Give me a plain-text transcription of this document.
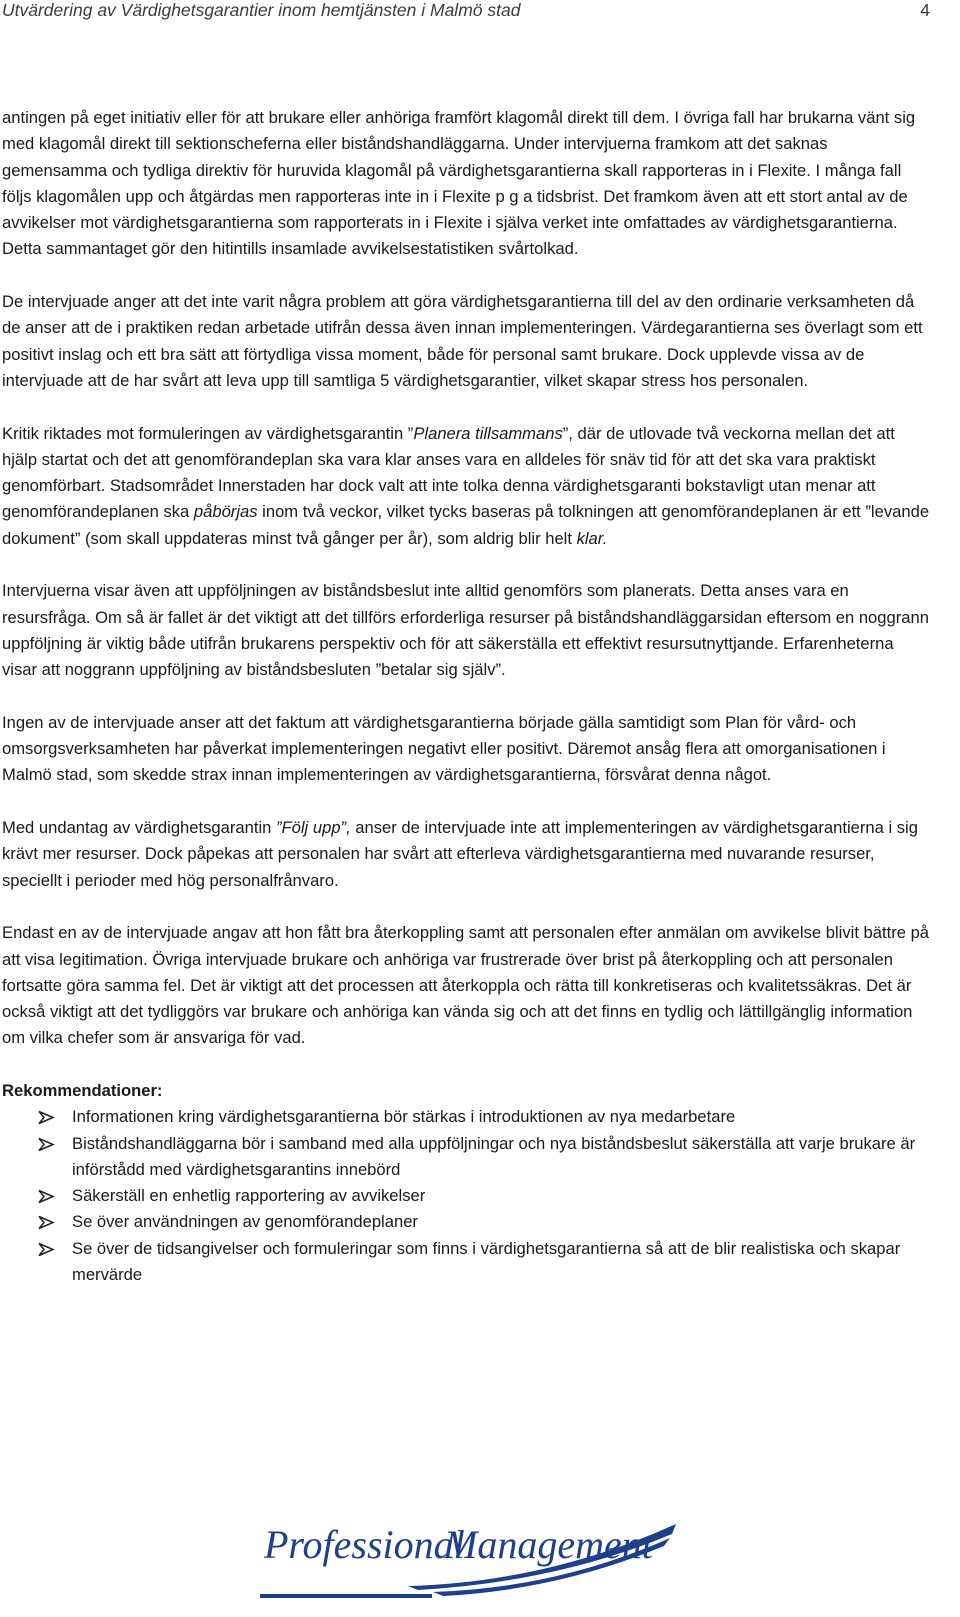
Utvärdering av Värdighetsgarantier inom hemtjänsten i Malmö stad	4

antingen på eget initiativ eller för att brukare eller anhöriga framfört klagomål direkt till dem. I övriga fall har brukarna vänt sig med klagomål direkt till sektionscheferna eller biståndshandläggarna. Under intervjuerna framkom att det saknas gemensamma och tydliga direktiv för huruvida klagomål på värdighetsgarantierna skall rapporteras in i Flexite. I många fall följs klagomålen upp och åtgärdas men rapporteras inte in i Flexite p g a tidsbrist. Det framkom även att ett stort antal av de avvikelser mot värdighetsgarantierna som rapporterats in i Flexite i själva verket inte omfattades av värdighetsgarantierna. Detta sammantaget gör den hitintills insamlade avvikelsestatistiken svårtolkad.

De intervjuade anger att det inte varit några problem att göra värdighetsgarantierna till del av den ordinarie verksamheten då de anser att de i praktiken redan arbetade utifrån dessa även innan implementeringen. Värdegarantierna ses överlagt som ett positivt inslag och ett bra sätt att förtydliga vissa moment, både för personal samt brukare. Dock upplevde vissa av de intervjuade att de har svårt att leva upp till samtliga 5 värdighetsgarantier, vilket skapar stress hos personalen.

Kritik riktades mot formuleringen av värdighetsgarantin ”Planera tillsammans”, där de utlovade två veckorna mellan det att hjälp startat och det att genomförandeplan ska vara klar anses vara en alldeles för snäv tid för att det ska vara praktiskt genomförbart. Stadsområdet Innerstaden har dock valt att inte tolka denna värdighetsgaranti bokstavligt utan menar att genomförandeplanen ska påbörjas inom två veckor, vilket tycks baseras på tolkningen att genomförandeplanen är ett ”levande dokument” (som skall uppdateras minst två gånger per år), som aldrig blir helt klar.

Intervjuerna visar även att uppföljningen av biståndsbeslut inte alltid genomförs som planerats. Detta anses vara en resursfråga. Om så är fallet är det viktigt att det tillförs erforderliga resurser på biståndshandläggarsidan eftersom en noggrann uppföljning är viktig både utifrån brukarens perspektiv och för att säkerställa ett effektivt resursutnyttjande. Erfarenheterna visar att noggrann uppföljning av biståndsbesluten ”betalar sig själv”.

Ingen av de intervjuade anser att det faktum att värdighetsgarantierna började gälla samtidigt som Plan för vård- och omsorgsverksamheten har påverkat implementeringen negativt eller positivt. Däremot ansåg flera att omorganisationen i Malmö stad, som skedde strax innan implementeringen av värdighetsgarantierna, försvårat denna något.

Med undantag av värdighetsgarantin ”Följ upp”, anser de intervjuade inte att implementeringen av värdighetsgarantierna i sig krävt mer resurser. Dock påpekas att personalen har svårt att efterleva värdighetsgarantierna med nuvarande resurser, speciellt i perioder med hög personalfrånvaro.

Endast en av de intervjuade angav att hon fått bra återkoppling samt att personalen efter anmälan om avvikelse blivit bättre på att visa legitimation. Övriga intervjuade brukare och anhöriga var frustrerade över brist på återkoppling och att personalen fortsatte göra samma fel. Det är viktigt att det processen att återkoppla och rätta till konkretiseras och kvalitetssäkras. Det är också viktigt att det tydliggörs var brukare och anhöriga kan vända sig och att det finns en tydlig och lättillgänglig information om vilka chefer som är ansvariga för vad.

Rekommendationer:
Informationen kring värdighetsgarantierna bör stärkas i introduktionen av nya medarbetare
Biståndshandläggarna bör i samband med alla uppföljningar och nya biståndsbeslut säkerställa att varje brukare är införstådd med värdighetsgarantins innebörd
Säkerställ en enhetlig rapportering av avvikelser
Se över användningen av genomförandeplaner
Se över de tidsangivelser och formuleringar som finns i värdighetsgarantierna så att de blir realistiska och skapar mervärde
Professional
Management
